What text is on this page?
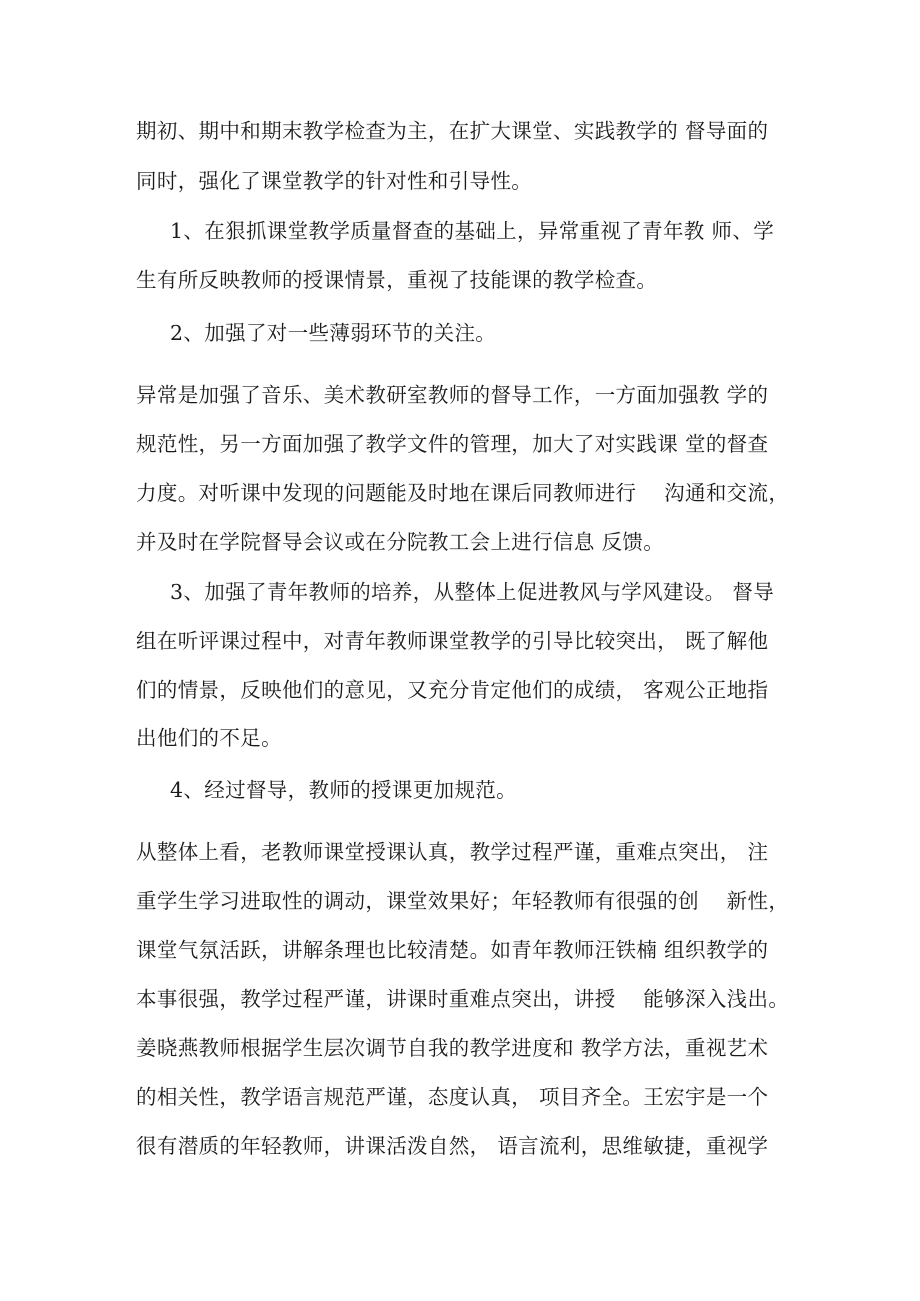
期初、期中和期末教学检查为主，在扩大课堂、实践教学的 督导面的
同时，强化了课堂教学的针对性和引导性。
1、在狠抓课堂教学质量督查的基础上，异常重视了青年教 师、学
生有所反映教师的授课情景，重视了技能课的教学检查。
2、加强了对一些薄弱环节的关注。
异常是加强了音乐、美术教研室教师的督导工作，一方面加强教 学的
规范性，另一方面加强了教学文件的管理，加大了对实践课 堂的督查
力度。对听课中发现的问题能及时地在课后同教师进行　 沟通和交流，
并及时在学院督导会议或在分院教工会上进行信息 反馈。
3、加强了青年教师的培养，从整体上促进教风与学风建设。 督导
组在听评课过程中，对青年教师课堂教学的引导比较突出， 既了解他
们的情景，反映他们的意见，又充分肯定他们的成绩， 客观公正地指
出他们的不足。
4、经过督导，教师的授课更加规范。
从整体上看，老教师课堂授课认真，教学过程严谨，重难点突出， 注
重学生学习进取性的调动，课堂效果好；年轻教师有很强的创　 新性，
课堂气氛活跃，讲解条理也比较清楚。如青年教师汪铁楠 组织教学的
本事很强，教学过程严谨，讲课时重难点突出，讲授　 能够深入浅出。
姜晓燕教师根据学生层次调节自我的教学进度和 教学方法，重视艺术
的相关性，教学语言规范严谨，态度认真， 项目齐全。王宏宇是一个
很有潜质的年轻教师，讲课活泼自然， 语言流利，思维敏捷，重视学
